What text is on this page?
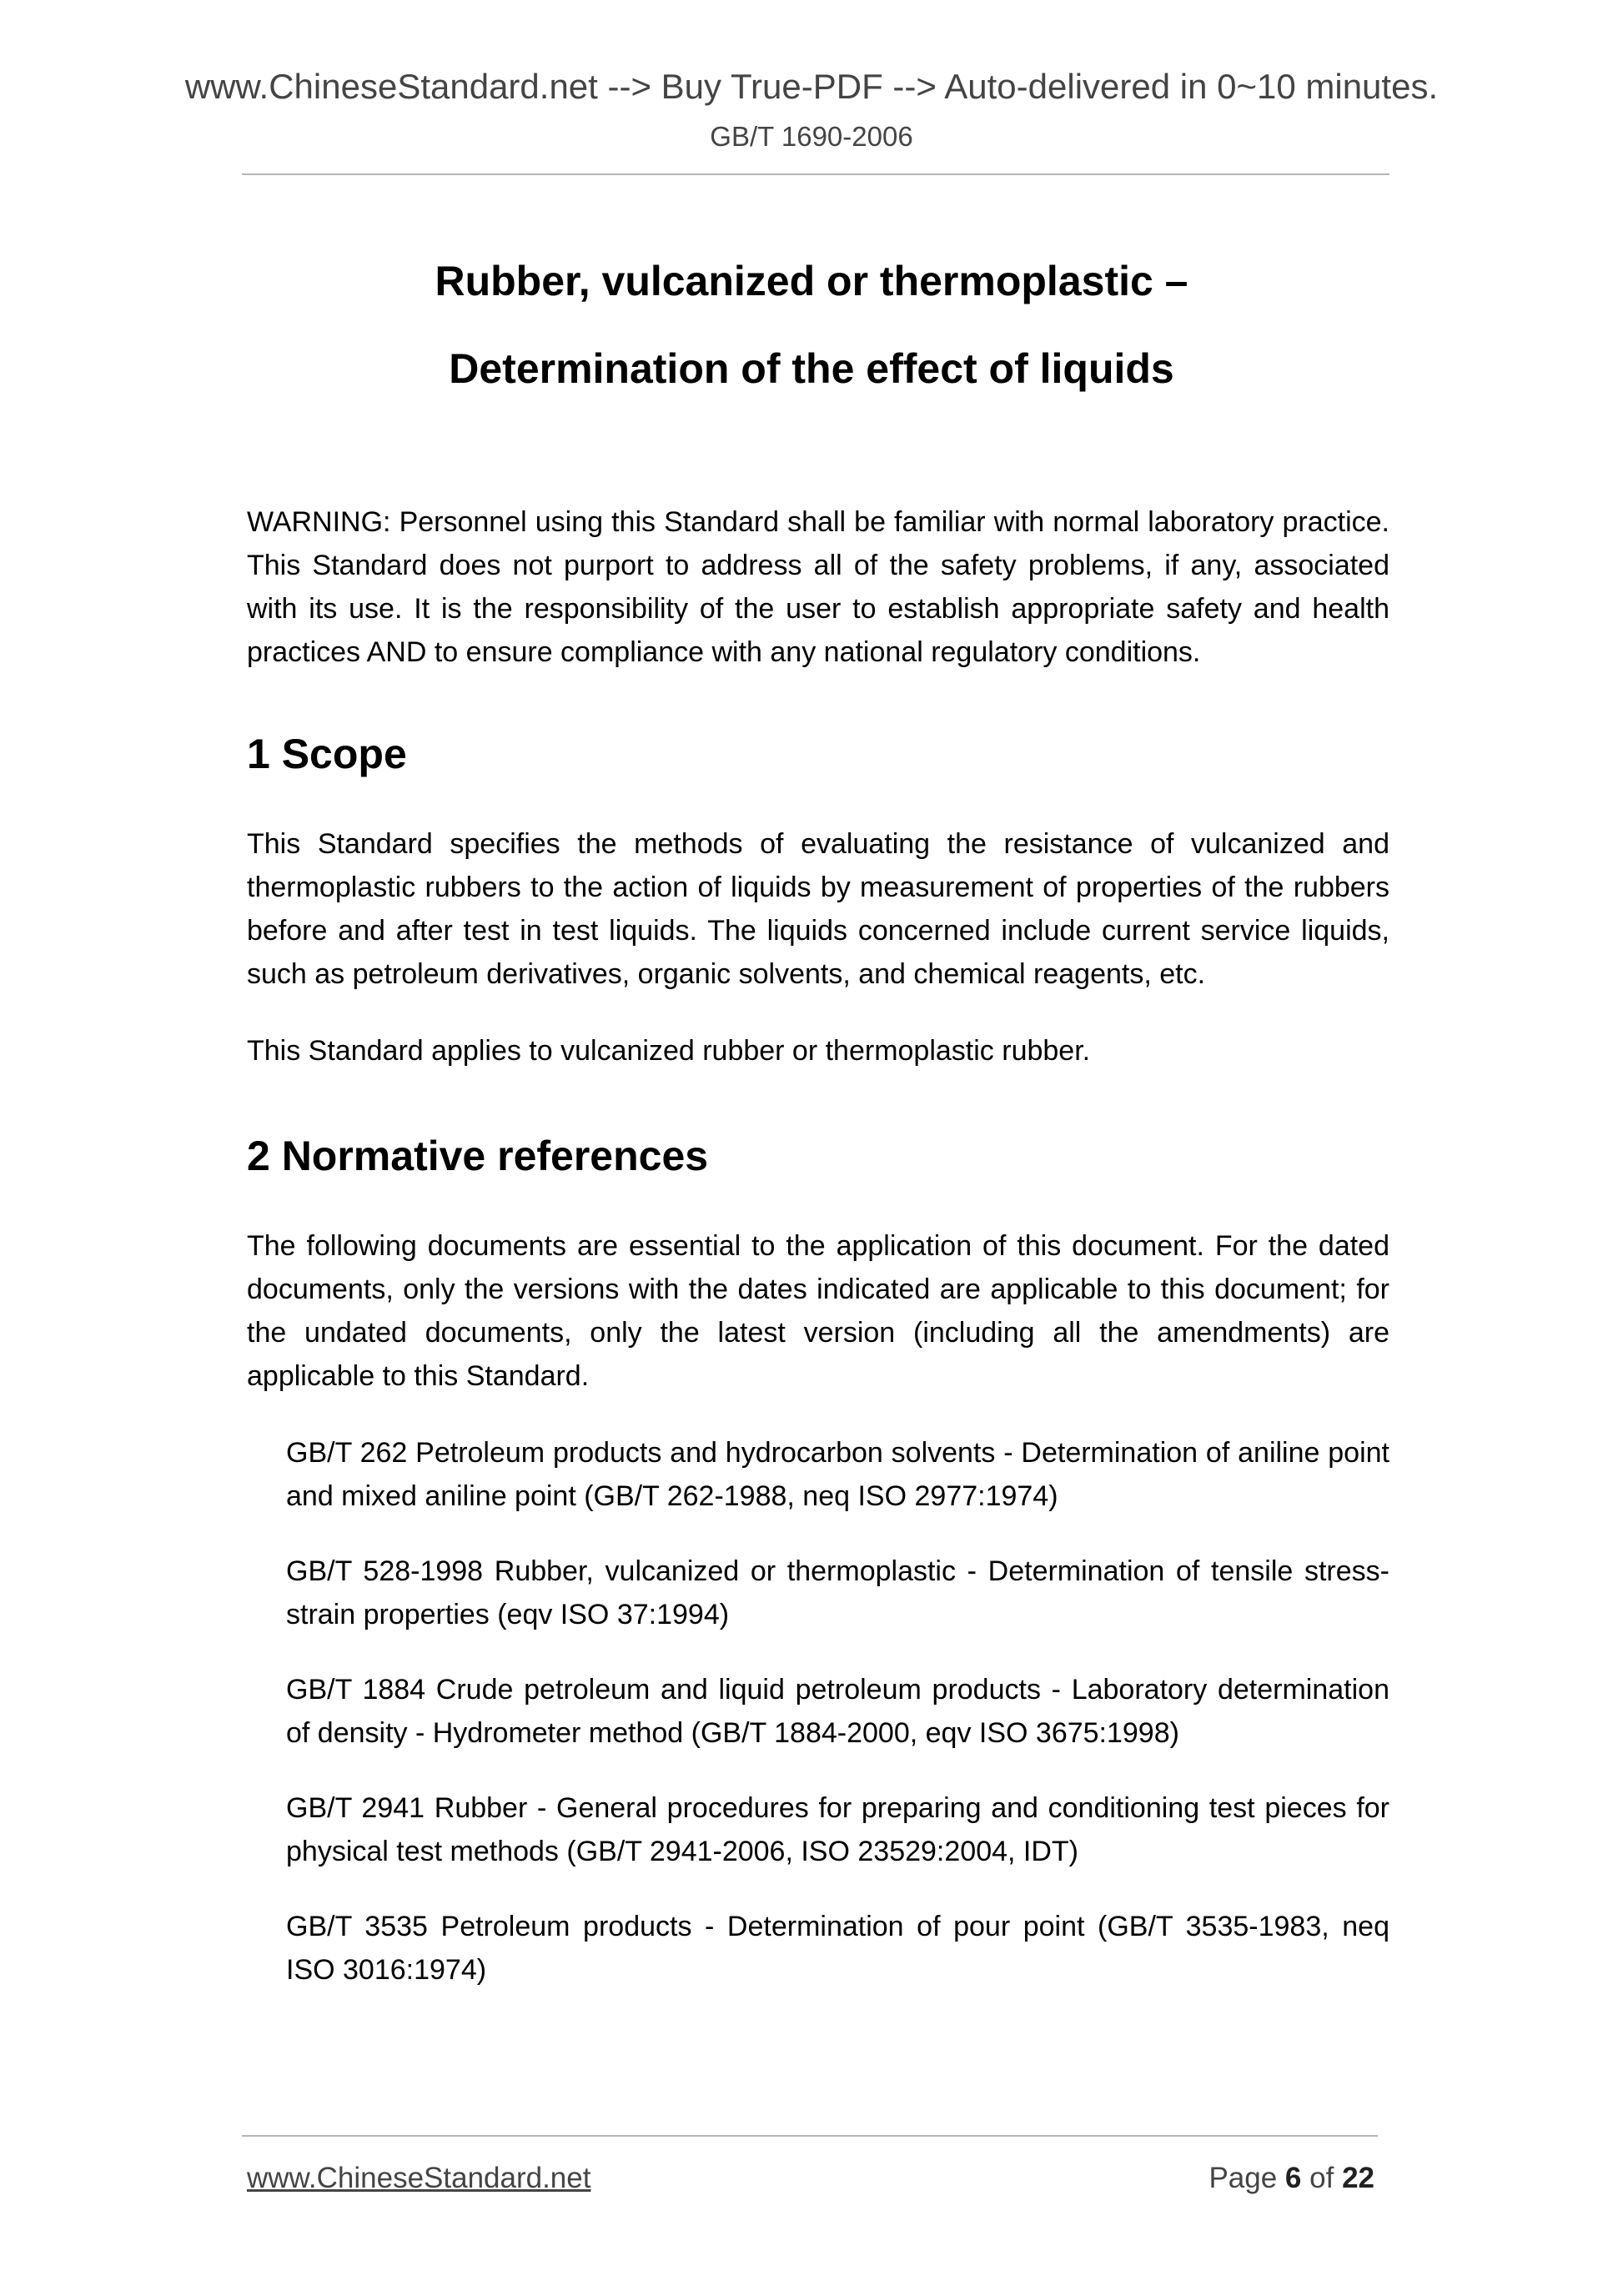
www.ChineseStandard.net --> Buy True-PDF --> Auto-delivered in 0~10 minutes.
GB/T 1690-2006
Rubber, vulcanized or thermoplastic –
Determination of the effect of liquids

WARNING: Personnel using this Standard shall be familiar with normal laboratory practice. This Standard does not purport to address all of the safety problems, if any, associated with its use. It is the responsibility of the user to establish appropriate safety and health practices AND to ensure compliance with any national regulatory conditions.

1 Scope

This Standard specifies the methods of evaluating the resistance of vulcanized and thermoplastic rubbers to the action of liquids by measurement of properties of the rubbers before and after test in test liquids. The liquids concerned include current service liquids, such as petroleum derivatives, organic solvents, and chemical reagents, etc.

This Standard applies to vulcanized rubber or thermoplastic rubber.

2 Normative references

The following documents are essential to the application of this document. For the dated documents, only the versions with the dates indicated are applicable to this document; for the undated documents, only the latest version (including all the amendments) are applicable to this Standard.

GB/T 262 Petroleum products and hydrocarbon solvents - Determination of aniline point and mixed aniline point (GB/T 262-1988, neq ISO 2977:1974)

GB/T 528-1998 Rubber, vulcanized or thermoplastic - Determination of tensile stress-strain properties (eqv ISO 37:1994)

GB/T 1884 Crude petroleum and liquid petroleum products - Laboratory determination of density - Hydrometer method (GB/T 1884-2000, eqv ISO 3675:1998)

GB/T 2941 Rubber - General procedures for preparing and conditioning test pieces for physical test methods (GB/T 2941-2006, ISO 23529:2004, IDT)

GB/T 3535 Petroleum products - Determination of pour point (GB/T 3535-1983, neq ISO 3016:1974)

www.ChineseStandard.net	Page 6 of 22
